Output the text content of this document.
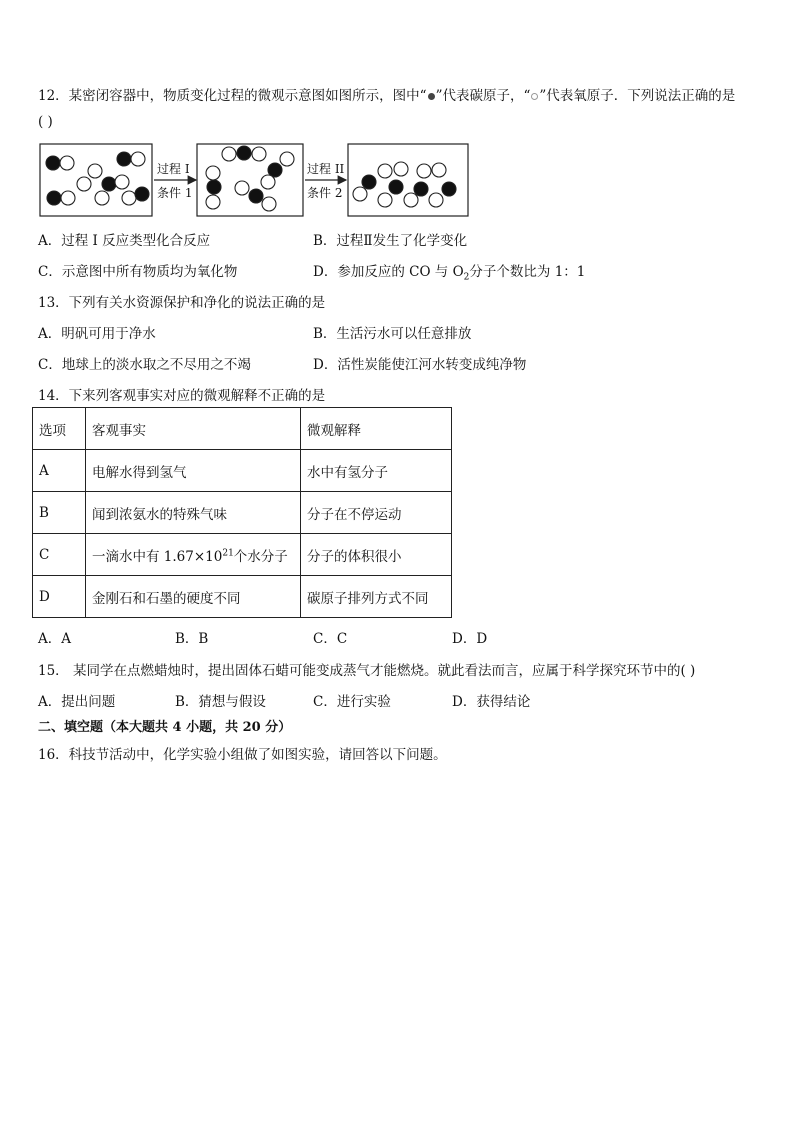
12．某密闭容器中，物质变化过程的微观示意图如图所示，图中“ ”代表碳原子，“ ”代表氧原子．下列说法正确的是
( )
过程 I
条件 1
过程 II
条件 2
A．过程 I 反应类型化合反应	B．过程Ⅱ发生了化学变化
C．示意图中所有物质均为氧化物	D．参加反应的 CO 与 $O_2$分子个数比为 1：1
13．下列有关水资源保护和净化的说法正确的是
A．明矾可用于净水	B．生活污水可以任意排放
C．地球上的淡水取之不尽用之不竭	D．活性炭能使江河水转变成纯净物
14．下来列客观事实对应的微观解释不正确的是
选项	客观事实	微观解释
A	电解水得到氢气	水中有氢分子
B	闻到浓氨水的特殊气味	分子在不停运动
C	一滴水中有 $1.67\times 10^{21}$个水分子	分子的体积很小
D	金刚石和石墨的硬度不同	碳原子排列方式不同
A．A	B．B	C．C	D．D
15． 某同学在点燃蜡烛时，提出固体石蜡可能变成蒸气才能燃烧。就此看法而言，应属于科学探究环节中的( )
A．提出问题	B．猜想与假设	C．进行实验	D．获得结论
二、填空题（本大题共 4 小题，共 20 分）
16．科技节活动中，化学实验小组做了如图实验，请回答以下问题。
